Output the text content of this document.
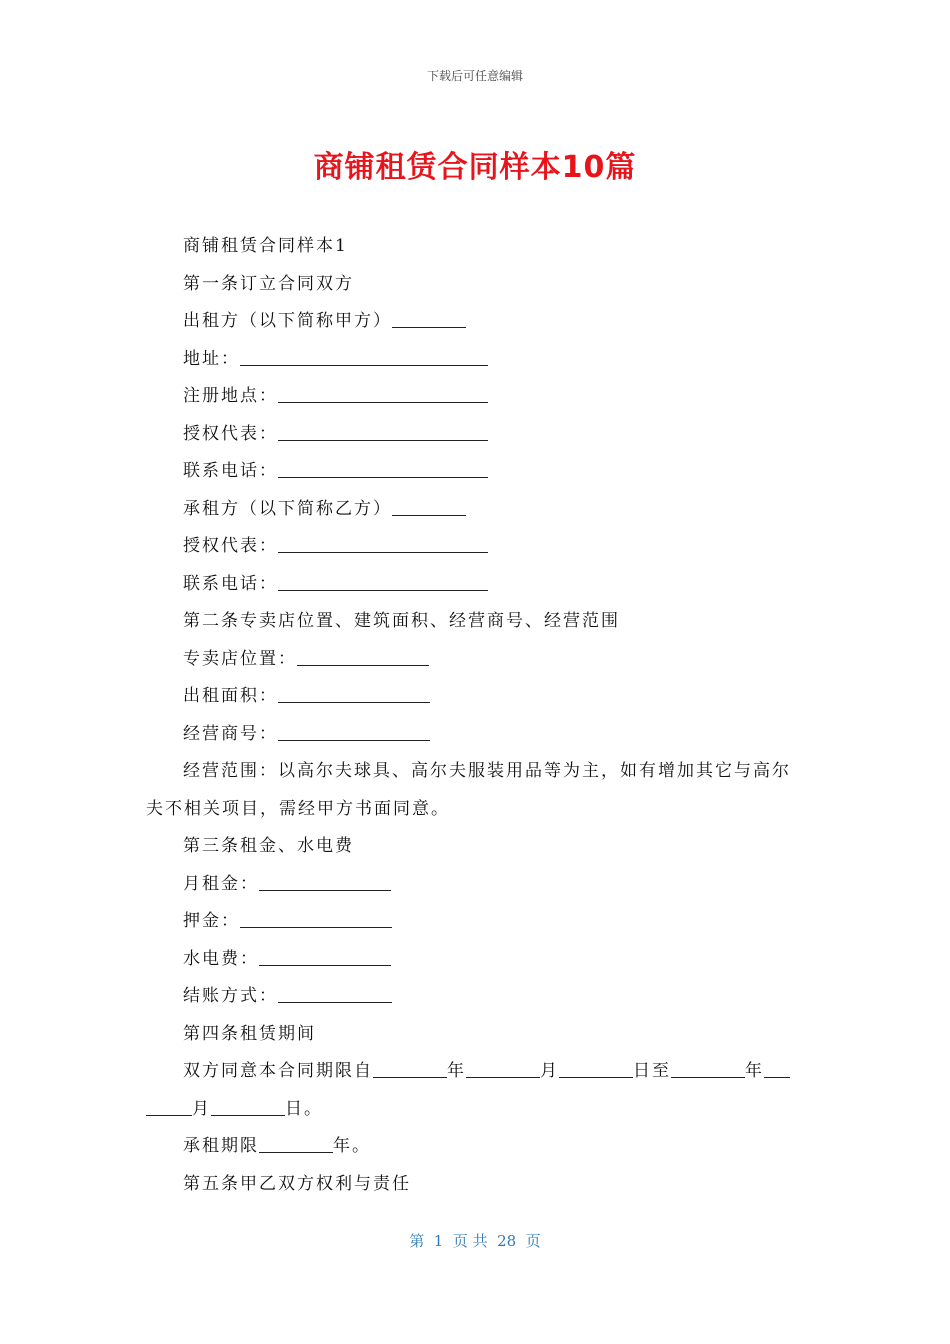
下载后可任意编辑
商铺租赁合同样本10篇
商铺租赁合同样本1
第一条订立合同双方
出租方（以下简称甲方）
地址：
注册地点：
授权代表：
联系电话：
承租方（以下简称乙方）
授权代表：
联系电话：
第二条专卖店位置、建筑面积、经营商号、经营范围
专卖店位置：
出租面积：
经营商号：
经营范围：以高尔夫球具、高尔夫服装用品等为主，如有增加其它与高尔
夫不相关项目，需经甲方书面同意。
第三条租金、水电费
月租金：
押金：
水电费：
结账方式：
第四条租赁期间
双方同意本合同期限自	年	月	日至	年
月	日。
承租期限	年。
第五条甲乙双方权利与责任
第  1  页 共  28  页
